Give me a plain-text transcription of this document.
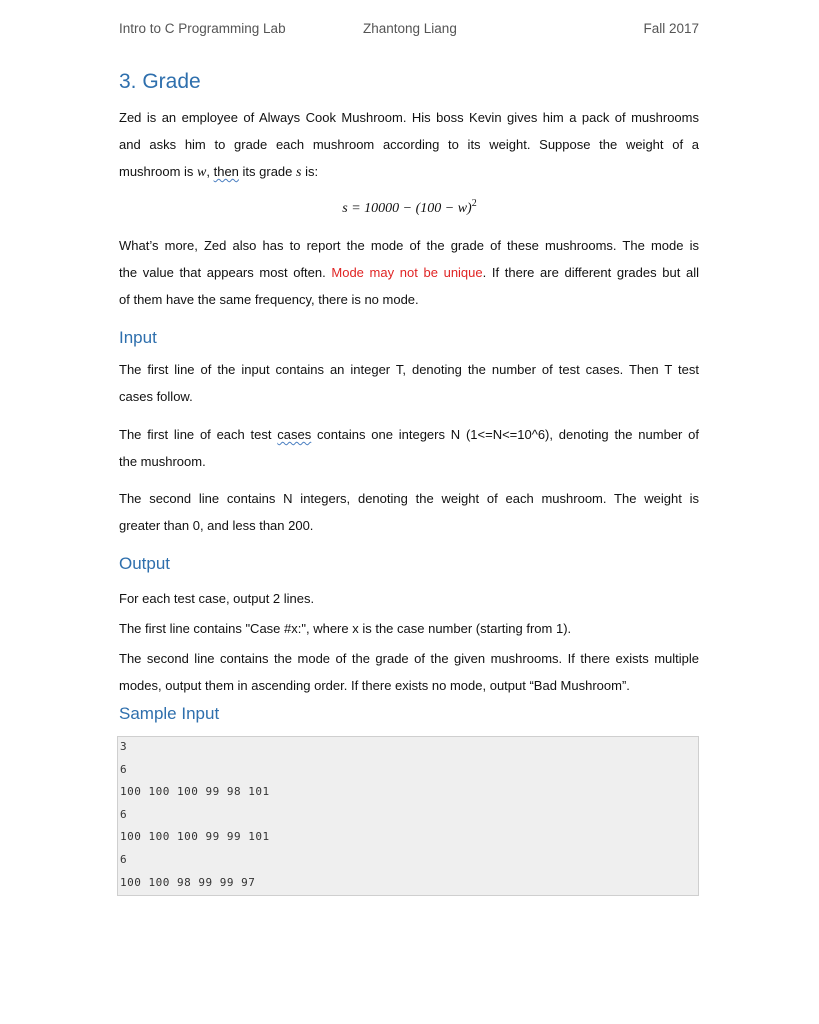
Intro to C Programming Lab	Zhantong Liang	Fall 2017
3. Grade
Zed is an employee of Always Cook Mushroom. His boss Kevin gives him a pack of mushrooms
and asks him to grade each mushroom according to its weight. Suppose the weight of a
mushroom is w, then its grade s is:
$s = 10000 - (100 - w)^2$
What’s more, Zed also has to report the mode of the grade of these mushrooms. The mode is
the value that appears most often. Mode may not be unique. If there are different grades but all
of them have the same frequency, there is no mode.
Input
The first line of the input contains an integer T, denoting the number of test cases. Then T test
cases follow.
The first line of each test cases contains one integers N (1<=N<=10^6), denoting the number of
the mushroom.
The second line contains N integers, denoting the weight of each mushroom. The weight is
greater than 0, and less than 200.
Output
For each test case, output 2 lines.
The first line contains "Case #x:", where x is the case number (starting from 1).
The second line contains the mode of the grade of the given mushrooms. If there exists multiple
modes, output them in ascending order. If there exists no mode, output “Bad Mushroom”.
Sample Input
3
6
100 100 100 99 98 101
6
100 100 100 99 99 101
6
100 100 98 99 99 97
